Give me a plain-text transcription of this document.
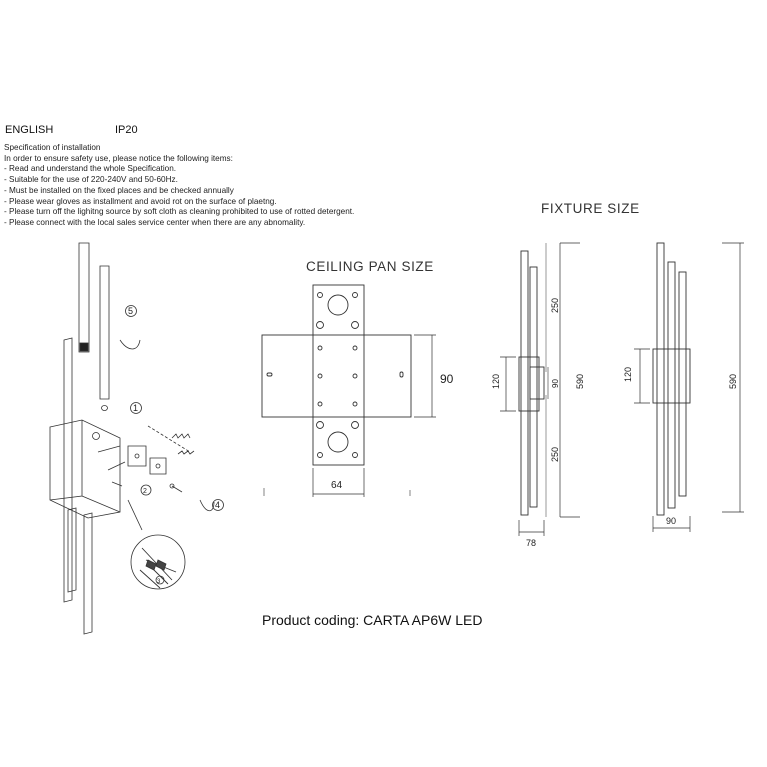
ENGLISH	IP20
Specification of installation
In order to ensure safety use, please notice the following items:
- Read and understand the whole Specification.
- Suitable for the use of 220-240V and 50-60Hz.
- Must be installed on the fixed places and be checked annually
- Please wear gloves as installment and avoid rot on the surface of plaetng.
- Please turn off the lighitng source by soft cloth as cleaning prohibited to use of rotted detergent.
- Please connect with the local sales service center when there are any abnomality.
CEILING PAN SIZE
FIXTURE SIZE
5
1
2
3
4
90
64
250
250
120	90 590
78
120	590
90
Product coding: CARTA AP6W LED
